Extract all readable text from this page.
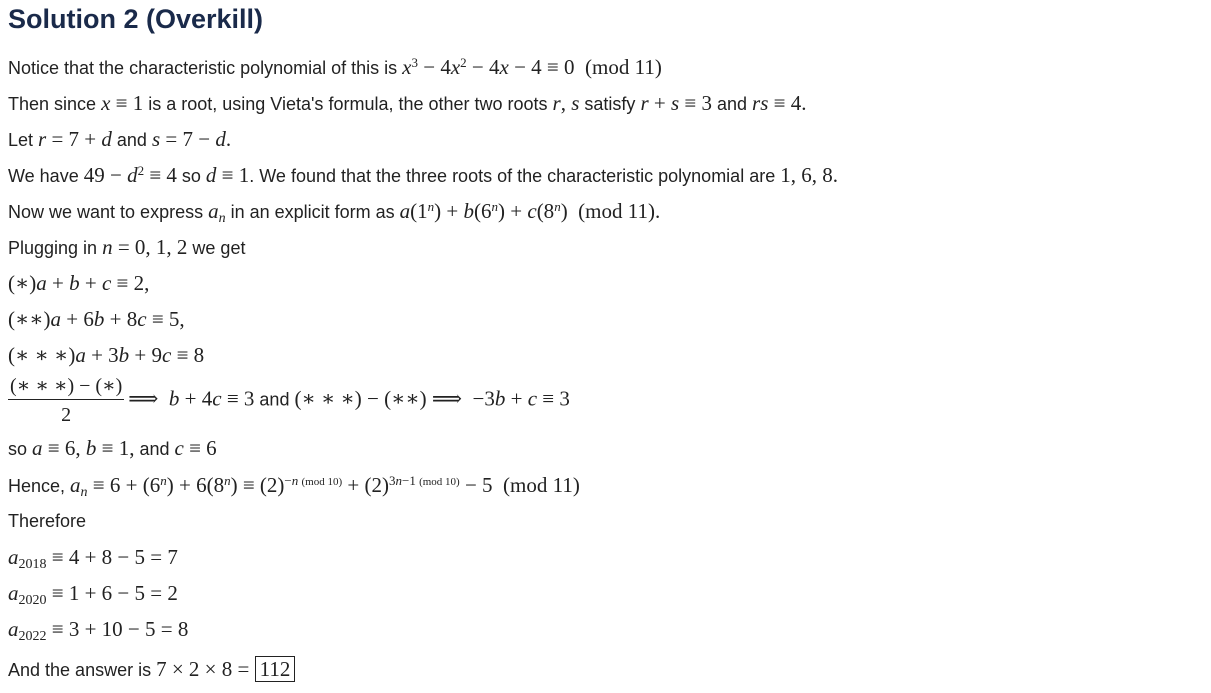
Solution 2 (Overkill)
Notice that the characteristic polynomial of this is $x^3 - 4x^2 - 4x - 4 \equiv 0$  (mod 11)
Then since x ≡ 1 is a root, using Vieta's formula, the other two roots r, s satisfy r + s ≡ 3 and rs ≡ 4.
Let r = 7 + d and s = 7 − d.
We have $49 - d^2 \equiv 4$ so d ≡ 1. We found that the three roots of the characteristic polynomial are 1, 6, 8.
Now we want to express $a_n$ in an explicit form as $a(1^n) + b(6^n) + c(8^n)$  (mod 11).
Plugging in n = 0, 1, 2 we get
(∗)a + b + c ≡ 2,
(∗∗)a + 6b + 8c ≡ 5,
(∗ ∗ ∗)a + 3b + 9c ≡ 8
$\frac{(∗ ∗ ∗) - (∗)}{2}$ ⟹  b + 4c ≡ 3 and (∗ ∗ ∗) − (∗∗) ⟹  −3b + c ≡ 3
so a ≡ 6, b ≡ 1, and c ≡ 6
Hence, $a_n \equiv 6 + (6^n) + 6(8^n) \equiv (2)^{-n (mod 10)} + (2)^{3n-1 (mod 10)} - 5$  (mod 11)
Therefore
$a_{2018} \equiv 4 + 8 - 5 = 7$
$a_{2020} \equiv 1 + 6 - 5 = 2$
$a_{2022} \equiv 3 + 10 - 5 = 8$
And the answer is 7 × 2 × 8 = 112
